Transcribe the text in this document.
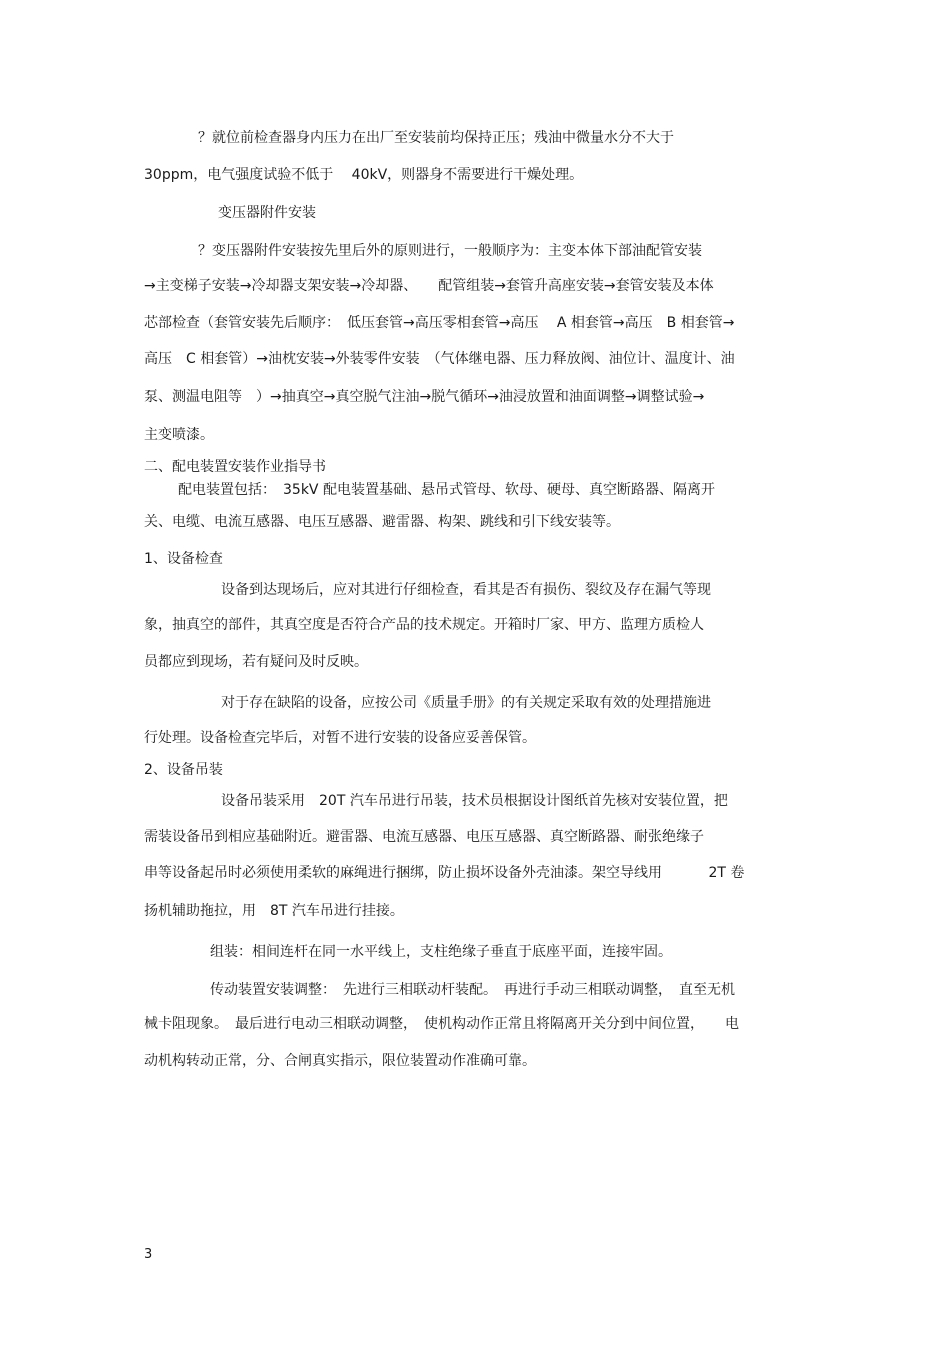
？就位前检查器身内压力在出厂至安装前均保持正压；残油中微量水分不大于
30ppm，电气强度试验不低于　 40kV，则器身不需要进行干燥处理。
变压器附件安装
？变压器附件安装按先里后外的原则进行，一般顺序为：主变本体下部油配管安装
→主变梯子安装→冷却器支架安装→冷却器、　　配管组装→套管升高座安装→套管安装及本体
芯部检查（套管安装先后顺序：　低压套管→高压零相套管→高压　 A 相套管→高压　B 相套管→
高压　C 相套管）→油枕安装→外装零件安装　（气体继电器、压力释放阀、油位计、温度计、油
泵、测温电阻等　）→抽真空→真空脱气注油→脱气循环→油浸放置和油面调整→调整试验→
主变喷漆。
二、配电装置安装作业指导书
配电装置包括：　35kV 配电装置基础、悬吊式管母、软母、硬母、真空断路器、隔离开
关、电缆、电流互感器、电压互感器、避雷器、构架、跳线和引下线安装等。
1、设备检查
设备到达现场后，应对其进行仔细检查，看其是否有损伤、裂纹及存在漏气等现
象，抽真空的部件，其真空度是否符合产品的技术规定。开箱时厂家、甲方、监理方质检人
员都应到现场，若有疑问及时反映。
对于存在缺陷的设备，应按公司《质量手册》的有关规定采取有效的处理措施进
行处理。设备检查完毕后，对暂不进行安装的设备应妥善保管。
2、设备吊装
设备吊装采用　20T 汽车吊进行吊装，技术员根据设计图纸首先核对安装位置，把
需装设备吊到相应基础附近。避雷器、电流互感器、电压互感器、真空断路器、耐张绝缘子
串等设备起吊时必须使用柔软的麻绳进行捆绑，防止损坏设备外壳油漆。架空导线用　　　 2T 卷
扬机辅助拖拉，用　8T 汽车吊进行挂接。
组装：相间连杆在同一水平线上，支柱绝缘子垂直于底座平面，连接牢固。
传动装置安装调整：　先进行三相联动杆装配。　再进行手动三相联动调整，　直至无机
械卡阻现象。　最后进行电动三相联动调整，　使机构动作正常且将隔离开关分到中间位置，　　电
动机构转动正常，分、合闸真实指示，限位装置动作准确可靠。
3
